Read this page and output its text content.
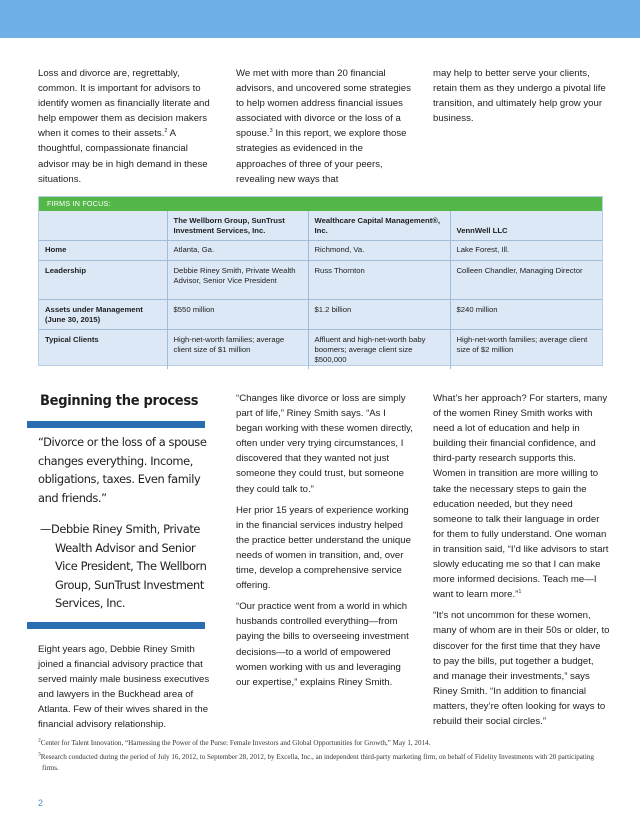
Loss and divorce are, regrettably, common. It is important for advisors to identify women as financially literate and help empower them as decision makers when it comes to their assets.$^2$ A thoughtful, compassionate financial advisor may be in high demand in these situations.
We met with more than 20 financial advisors, and uncovered some strategies to help women address financial issues associated with divorce or the loss of a spouse.$^3$ In this report, we explore those strategies as evidenced in the approaches of three of your peers, revealing new ways that
may help to better serve your clients, retain them as they undergo a pivotal life transition, and ultimately help grow your business.
FIRMS IN FOCUS:
	The Wellborn Group, SunTrust Investment Services, Inc.	Wealthcare Capital Management®, Inc.	VennWell LLC
Home	Atlanta, Ga.	Richmond, Va.	Lake Forest, Ill.
Leadership	Debbie Riney Smith, Private Wealth Advisor, Senior Vice President	Russ Thornton	Colleen Chandler, Managing Director
Assets under Management (June 30, 2015)	$550 million	$1.2 billion	$240 million
Typical Clients	High-net-worth families; average client size of $1 million	Affluent and high-net-worth baby boomers; average client size $500,000	High-net-worth families; average client size of $2 million
Beginning the process
“Divorce or the loss of a spouse changes everything. Income, obligations, taxes. Even family and friends.”
—Debbie Riney Smith, Private Wealth Advisor and Senior Vice President, The Wellborn Group, SunTrust Investment Services, Inc.

Eight years ago, Debbie Riney Smith joined a financial advisory practice that served mainly male business executives and lawyers in the Buckhead area of Atlanta. Few of their wives shared in the financial advisory relationship.

“Changes like divorce or loss are simply part of life,” Riney Smith says. “As I began working with these women directly, often under very trying circumstances, I discovered that they wanted not just someone they could trust, but someone they could talk to.”

Her prior 15 years of experience working in the financial services industry helped the practice better understand the unique needs of women in transition, and, over time, develop a comprehensive service offering.

“Our practice went from a world in which husbands controlled everything—from paying the bills to overseeing investment decisions—to a world of empowered women working with us and leveraging our expertise,” explains Riney Smith.

What’s her approach? For starters, many of the women Riney Smith works with need a lot of education and help in building their financial confidence, and third-party research supports this. Women in transition are more willing to take the necessary steps to gain the education needed, but they need someone to talk their language in order for them to fully understand. One woman in transition said, “I’d like advisors to start slowly educating me so that I can make more informed decisions. Teach me—I want to learn more.”$^1$

“It’s not uncommon for these women, many of whom are in their 50s or older, to discover for the first time that they have to pay the bills, put together a budget, and manage their investments,” says Riney Smith. “In addition to financial matters, they’re often looking for ways to rebuild their social circles.”

$^2$Center for Talent Innovation, “Harnessing the Power of the Purse: Female Investors and Global Opportunities for Growth,” May 1, 2014.

$^3$Research conducted during the period of July 16, 2012, to September 28, 2012, by Excella, Inc., an independent third-party marketing firm, on behalf of Fidelity Investments with 20 participating firms.

2
